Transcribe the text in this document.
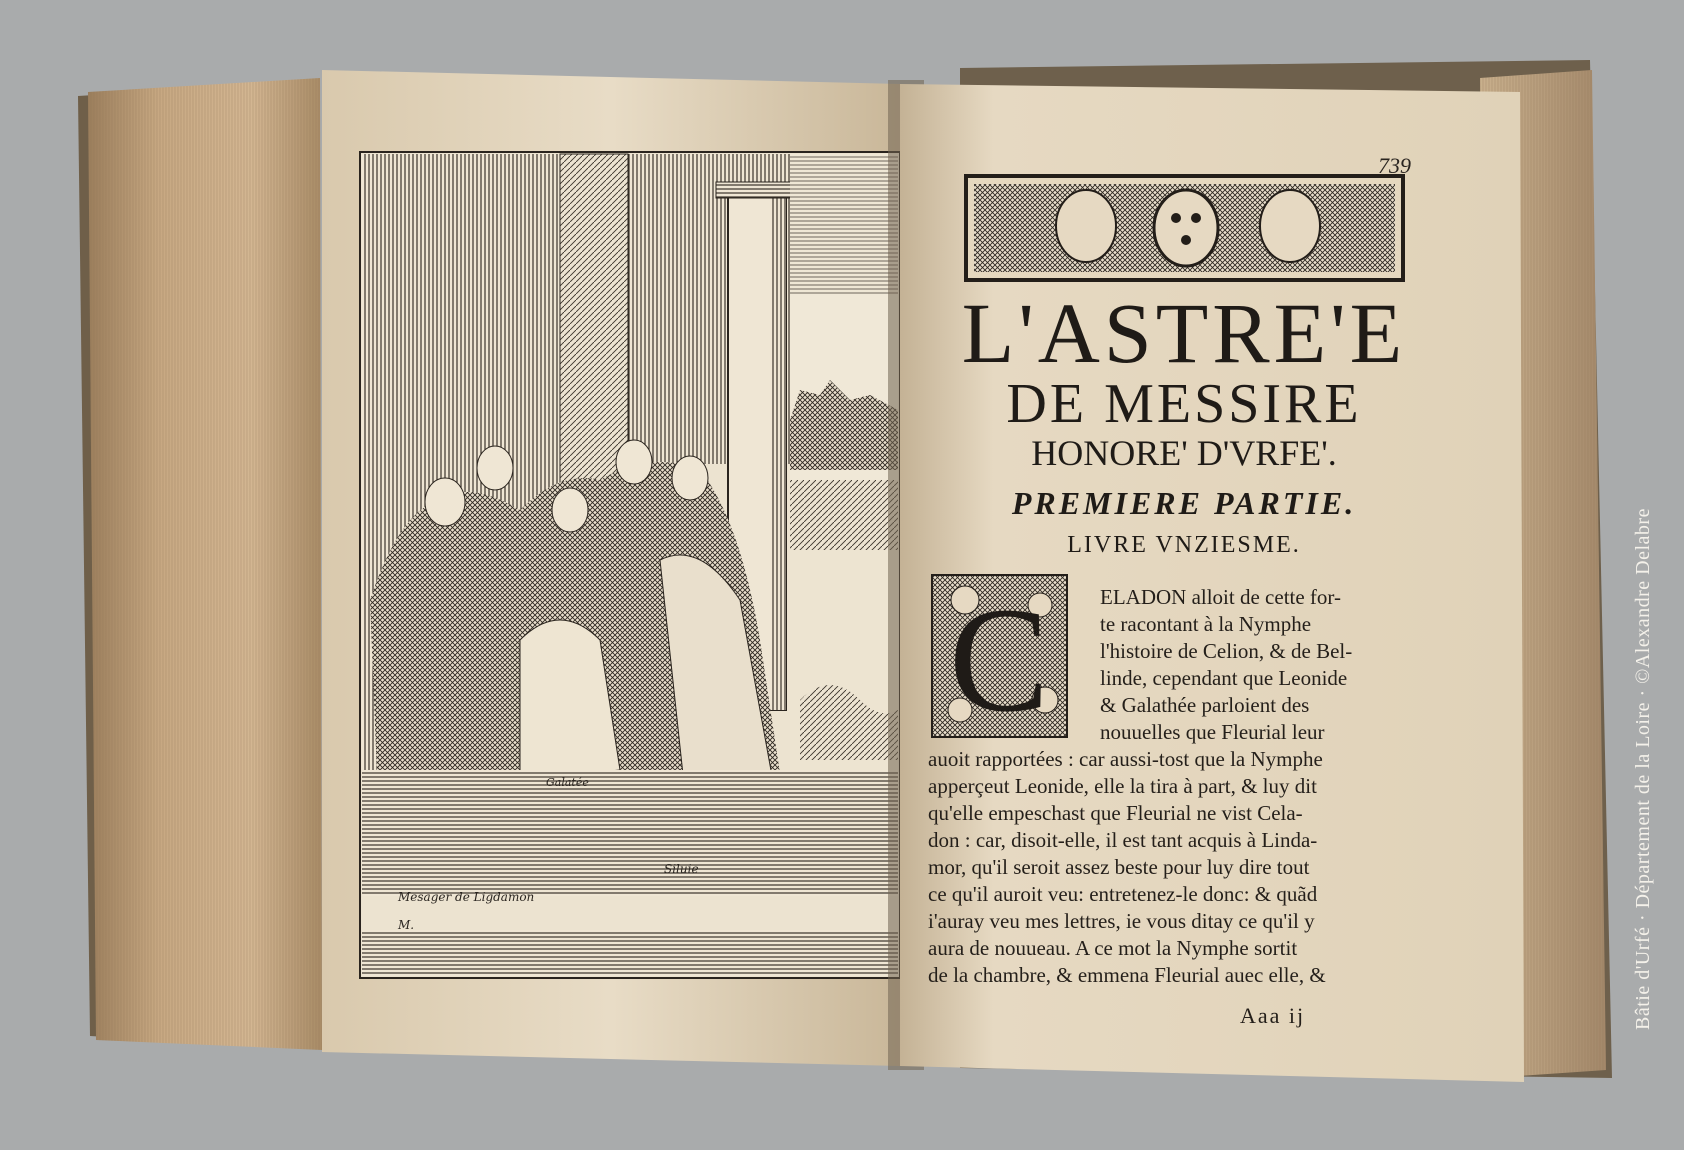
Galatée

Siluie

Mesager de Ligdamon

M.

739

L'ASTRE'E

DE MESSIRE

HONORE' D'VRFE'.

PREMIERE PARTIE.

LIVRE VNZIESME.

C ELADON alloit de cette for-

te racontant à la Nymphe

l'histoire de Celion, & de Bel-

linde, cependant que Leonide

& Galathée parloient des

nouuelles que Fleurial leur

auoit rapportées : car aussi-tost que la Nymphe

apperçeut Leonide, elle la tira à part, & luy dit

qu'elle empeschast que Fleurial ne vist Cela-

don : car, disoit-elle, il est tant acquis à Linda-

mor, qu'il seroit assez beste pour luy dire tout

ce qu'il auroit veu: entretenez-le donc: & quãd

i'auray veu mes lettres, ie vous ditay ce qu'il y

aura de nouueau. A ce mot la Nymphe sortit

de la chambre, & emmena Fleurial auec elle, &

Aaa ij	Bâtie d'Urfé · Département de la Loire · ©Alexandre Delabre
